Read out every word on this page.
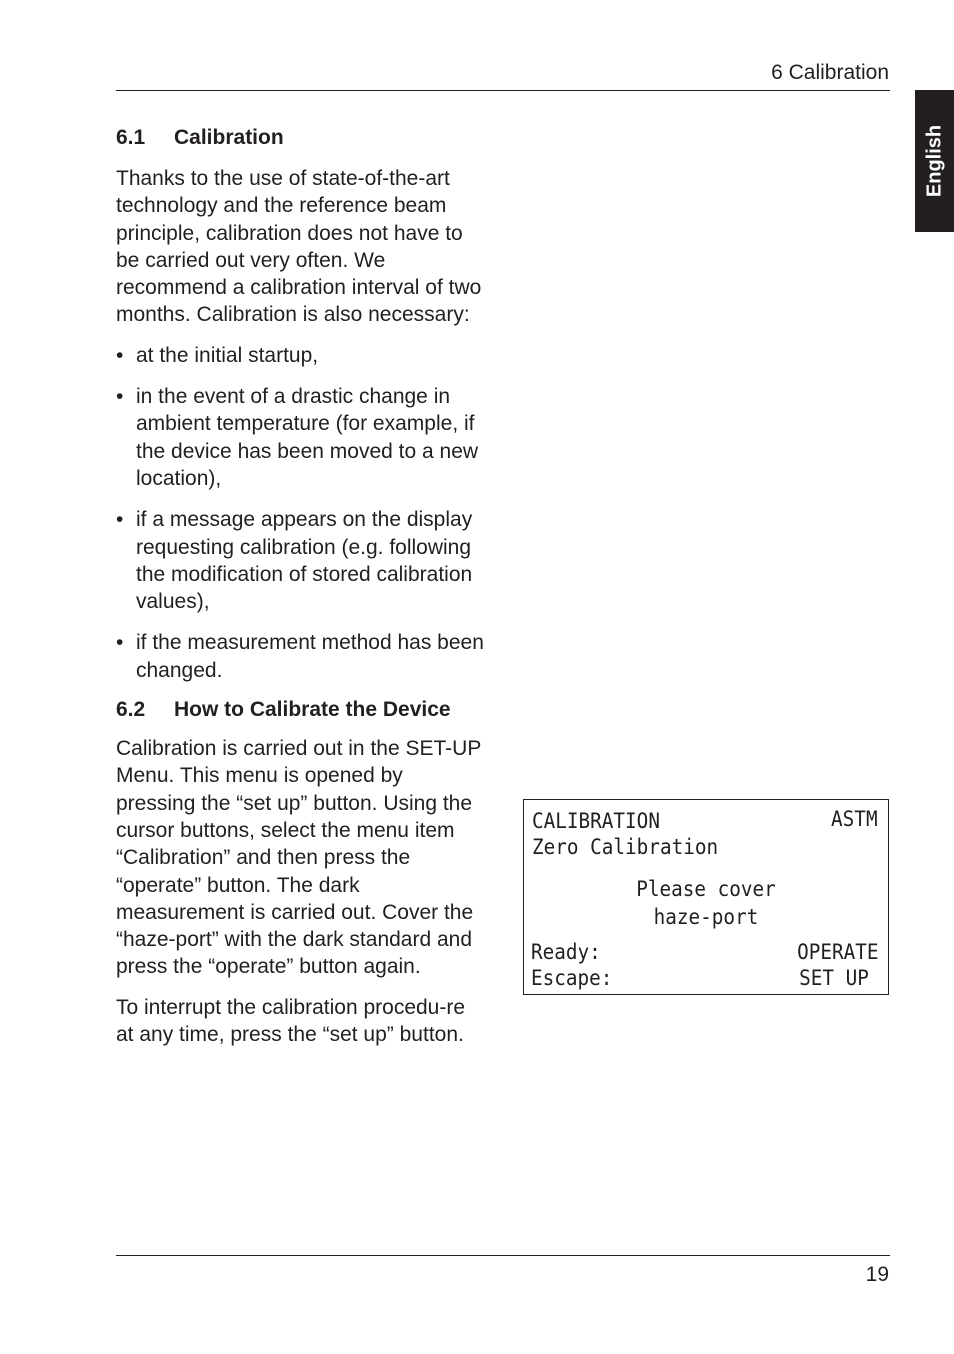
6 Calibration
English
6.1 Calibration

Thanks to the use of state-of-the-art technology and the reference beam principle, calibration does not have to be carried out very often. We recommend a calibration interval of two months. Calibration is also necessary:

• at the initial startup,
• in the event of a drastic change in ambient temperature (for example, if the device has been moved to a new location),
• if a message appears on the display requesting calibration (e.g. following the modification of stored calibration values),
• if the measurement method has been changed.
6.2 How to Calibrate the Device

Calibration is carried out in the SET-UP Menu. This menu is opened by pressing the “set up” button. Using the cursor buttons, select the menu item “Calibration” and then press the “operate” button. The dark measurement is carried out. Cover the “haze-port” with the dark standard and press the “operate” button again.

To interrupt the calibration procedu-re at any time, press the “set up” button.

CALIBRATION	ASTM
Zero Calibration
Please cover
haze-port
Ready:	OPERATE
Escape:	SET UP
19
